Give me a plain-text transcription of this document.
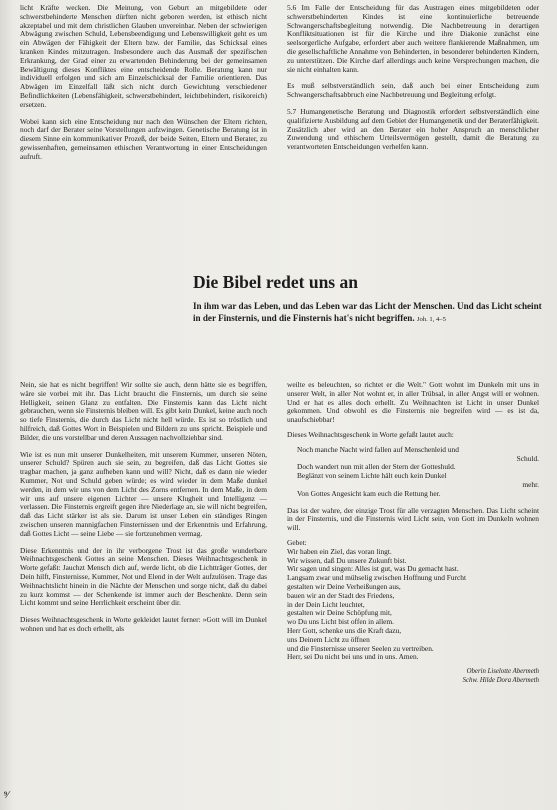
licht Kräfte wecken. Die Meinung, von Geburt an mitgebildete oder schwerstbehinderte Menschen dürften nicht geboren werden, ist ethisch nicht akzeptabel und mit dem christlichen Glauben unvereinbar. Neben der schwierigen Abwägung zwischen Schuld, Lebensbeendigung und Lebenswilligkeit geht es um ein Abwägen der Fähigkeit der Eltern bzw. der Familie, das Schicksal eines kranken Kindes mitzutragen. Insbesondere auch das Ausmaß der spezifischen Erkrankung, der Grad einer zu erwartenden Behinderung bei der gemeinsamen Bewältigung dieses Konfliktes eine entscheidende Rolle. Beratung kann nur individuell erfolgen und sich am Einzelschicksal der Familie orientieren. Das Abwägen im Einzelfall läßt sich nicht durch Gewichtung verschiedener Befindlichkeiten (Lebensfähigkeit, schwerstbehindert, leichtbehindert, risikoreich) ersetzen.

Wobei kann sich eine Entscheidung nur nach den Wünschen der Eltern richten, noch darf der Berater seine Vorstellungen aufzwingen. Genetische Beratung ist in diesem Sinne ein kommunikativer Prozeß, der beide Seiten, Eltern und Berater, zu gewissenhaften, gemeinsamen ethischen Verantwortung in einer Entscheidungen aufruft.

5.6 Im Falle der Entscheidung für das Austragen eines mitgebildeten oder schwerstbehinderten Kindes ist eine kontinuierliche betreuende Schwangerschaftsbegleitung notwendig. Die Nachbetreuung in derartigen Konfliktsituationen ist für die Kirche und ihre Diakonie zunächst eine seelsorgerliche Aufgabe, erfordert aber auch weitere flankierende Maßnahmen, um die gesellschaftliche Annahme von Behinderten, in besonderer behinderten Kindern, zu unterstützen. Die Kirche darf allerdings auch keine Versprechungen machen, die sie nicht einhalten kann.

Es muß selbstverständlich sein, daß auch bei einer Entscheidung zum Schwangerschaftsabbruch eine Nachbetreuung und Begleitung erfolgt.

5.7 Humangenetische Beratung und Diagnostik erfordert selbstverständlich eine qualifizierte Ausbildung auf dem Gebiet der Humangenetik und der Beraterfähigkeit. Zusätzlich aber wird an den Berater ein hoher Anspruch an menschlicher Zuwendung und ethischem Urteilsvermögen gestellt, damit die Beratung zu verantworteten Entscheidungen verhelfen kann.

Die Bibel redet uns an

In ihm war das Leben, und das Leben war das Licht der Menschen. Und das Licht scheint in der Finsternis, und die Finsternis hat's nicht begriffen. Joh. 1, 4–5

Nein, sie hat es nicht begriffen! Wir sollte sie auch, denn hätte sie es begriffen, wäre sie vorbei mit ihr. Das Licht braucht die Finsternis, um durch sie seine Helligkeit, seinen Glanz zu entfalten. Die Finsternis kann das Licht nicht gebrauchen, wenn sie Finsternis bleiben will. Es gibt kein Dunkel, keine auch noch so tiefe Finsternis, die durch das Licht nicht hell würde. Es ist so tröstlich und hilfreich, daß Gottes Wort in Beispielen und Bildern zu uns spricht. Beispiele und Bilder, die uns vorstellbar und deren Aussagen nachvollziehbar sind.

Wie ist es nun mit unserer Dunkelheiten, mit unserem Kummer, unseren Nöten, unserer Schuld? Spüren auch sie sein, zu begreifen, daß das Licht Gottes sie tragbar machen, ja ganz aufheben kann und will? Nicht, daß es dann nie wieder Kummer, Not und Schuld geben würde; es wird wieder in dem Maße dunkel werden, in dem wir uns von dem Licht des Zorns entfernen. In dem Maße, in dem wir uns auf unsere eigenen Lichter — unsere Klugheit und Intelligenz — verlassen. Die Finsternis ergreift gegen ihre Niederlage an, sie will nicht begreifen, daß das Licht stärker ist als sie. Darum ist unser Leben ein ständiges Ringen zwischen unseren mannigfachen Finsternissen und der Erkenntnis und Erfahrung, daß Gottes Licht — seine Liebe — sie fortzunehmen vermag.

Diese Erkenntnis und der in ihr verborgene Trost ist das große wunderbare Weihnachtsgeschenk Gottes an seine Menschen. Dieses Weihnachtsgeschenk in Worte gefaßt: Jauchzt Mensch dich auf, werde licht, ob die Lichtträger Gottes, der Dein hilft, Finsternisse, Kummer, Not und Elend in der Welt aufzulösen. Trage das Weihnachtslicht hinein in die Nächte der Menschen und sorge nicht, daß du dabei zu kurz kommst — der Schenkende ist immer auch der Beschenkte. Denn sein Licht kommt und seine Herrlichkeit erscheint über dir.

Dieses Weihnachtsgeschenk in Worte gekleidet lautet ferner: »Gott will im Dunkel wohnen und hat es doch erhellt, als

weilte es beleuchten, so richtet er die Welt." Gott wohnt im Dunkeln mit uns in unserer Welt, in aller Not wohnt er, in aller Trübsal, in aller Angst will er wohnen. Und er hat es alles doch erhellt. Zu Weihnachten ist Licht in unser Dunkel gekommen. Und obwohl es die Finsternis nie begreifen wird — es ist da, unaufschiebbar!

Dieses Weihnachtsgeschenk in Worte gefaßt lautet auch:

Noch manche Nacht wird fallen auf Menschenleid und
Schuld.
Doch wandert nun mit allen der Stern der Gotteshuld.
Beglänzt von seinem Lichte hält euch kein Dunkel
mehr.
Von Gottes Angesicht kam euch die Rettung her.

Das ist der wahre, der einzige Trost für alle verzagten Menschen. Das Licht scheint in der Finsternis, und die Finsternis wird Licht sein, von Gott im Dunkeln wohnen will.

Gebet:
Wir haben ein Ziel, das voran lingt.
Wir wissen, daß Du unsere Zukunft bist.
Wir sagen und singen: Alles ist gut, was Du gemacht hast.
Langsam zwar und mühselig zwischen Hoffnung und Furcht
gestalten wir Deine Verheißungen aus,
bauen wir an der Stadt des Friedens,
in der Dein Licht leuchtet,
gestalten wir Deine Schöpfung mit,
wo Du uns Licht bist offen in allem.
Herr Gott, schenke uns die Kraft dazu,
uns Deinem Licht zu öffnen
und die Finsternisse unserer Seelen zu vertreiben.
Herr, sei Du nicht bei uns und in uns. Amen.
Oberin Liselotte Abermeth
Schw. Hilde Dora Abermeth
⁹⁄
